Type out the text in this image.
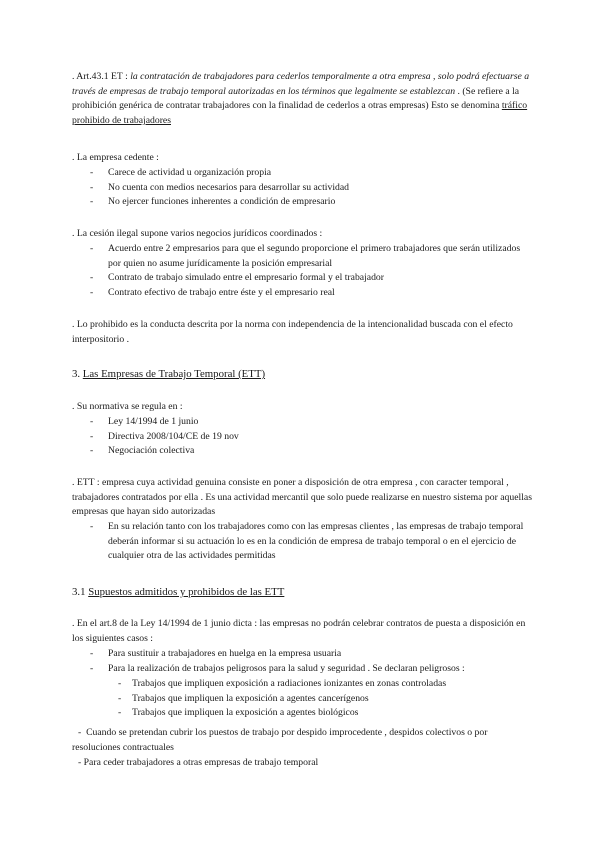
. Art.43.1 ET : la contratación de trabajadores para cederlos temporalmente a otra empresa , solo podrá efectuarse a través de empresas de trabajo temporal autorizadas en los términos que legalmente se establezcan . (Se refiere a la prohibición genérica de contratar trabajadores con la finalidad de cederlos a otras empresas) Esto se denomina tráfico prohibido de trabajadores

. La empresa cedente :

- Carece de actividad u organización propia
- No cuenta con medios necesarios para desarrollar su actividad
- No ejercer funciones inherentes a condición de empresario

. La cesión ilegal supone varios negocios jurídicos coordinados :

- Acuerdo entre 2 empresarios para que el segundo proporcione el primero trabajadores que serán utilizados por quien no asume jurídicamente la posición empresarial
- Contrato de trabajo simulado entre el empresario formal y el trabajador
- Contrato efectivo de trabajo entre éste y el empresario real

. Lo prohibido es la conducta descrita por la norma con independencia de la intencionalidad buscada con el efecto interpositorio .

3. Las Empresas de Trabajo Temporal (ETT)

. Su normativa se regula en :

- Ley 14/1994 de 1 junio
- Directiva 2008/104/CE de 19 nov
- Negociación colectiva

. ETT : empresa cuya actividad genuina consiste en poner a disposición de otra empresa , con caracter temporal , trabajadores contratados por ella . Es una actividad mercantil que solo puede realizarse en nuestro sistema por aquellas empresas que hayan sido autorizadas

- En su relación tanto con los trabajadores como con las empresas clientes , las empresas de trabajo temporal deberán informar si su actuación lo es en la condición de empresa de trabajo temporal o en el ejercicio de cualquier otra de las actividades permitidas
3.1 Supuestos admitidos y prohibidos de las ETT

. En el art.8 de la Ley 14/1994 de 1 junio dicta : las empresas no podrán celebrar contratos de puesta a disposición en los siguientes casos :

- Para sustituir a trabajadores en huelga en la empresa usuaria
- Para la realización de trabajos peligrosos para la salud y seguridad . Se declaran peligrosos :
- Trabajos que impliquen exposición a radiaciones ionizantes en zonas controladas
- Trabajos que impliquen la exposición a agentes cancerígenos
- Trabajos que impliquen la exposición a agentes biológicos

-  Cuando se pretendan cubrir los puestos de trabajo por despido improcedente , despidos colectivos o por resoluciones contractuales

- Para ceder trabajadores a otras empresas de trabajo temporal
